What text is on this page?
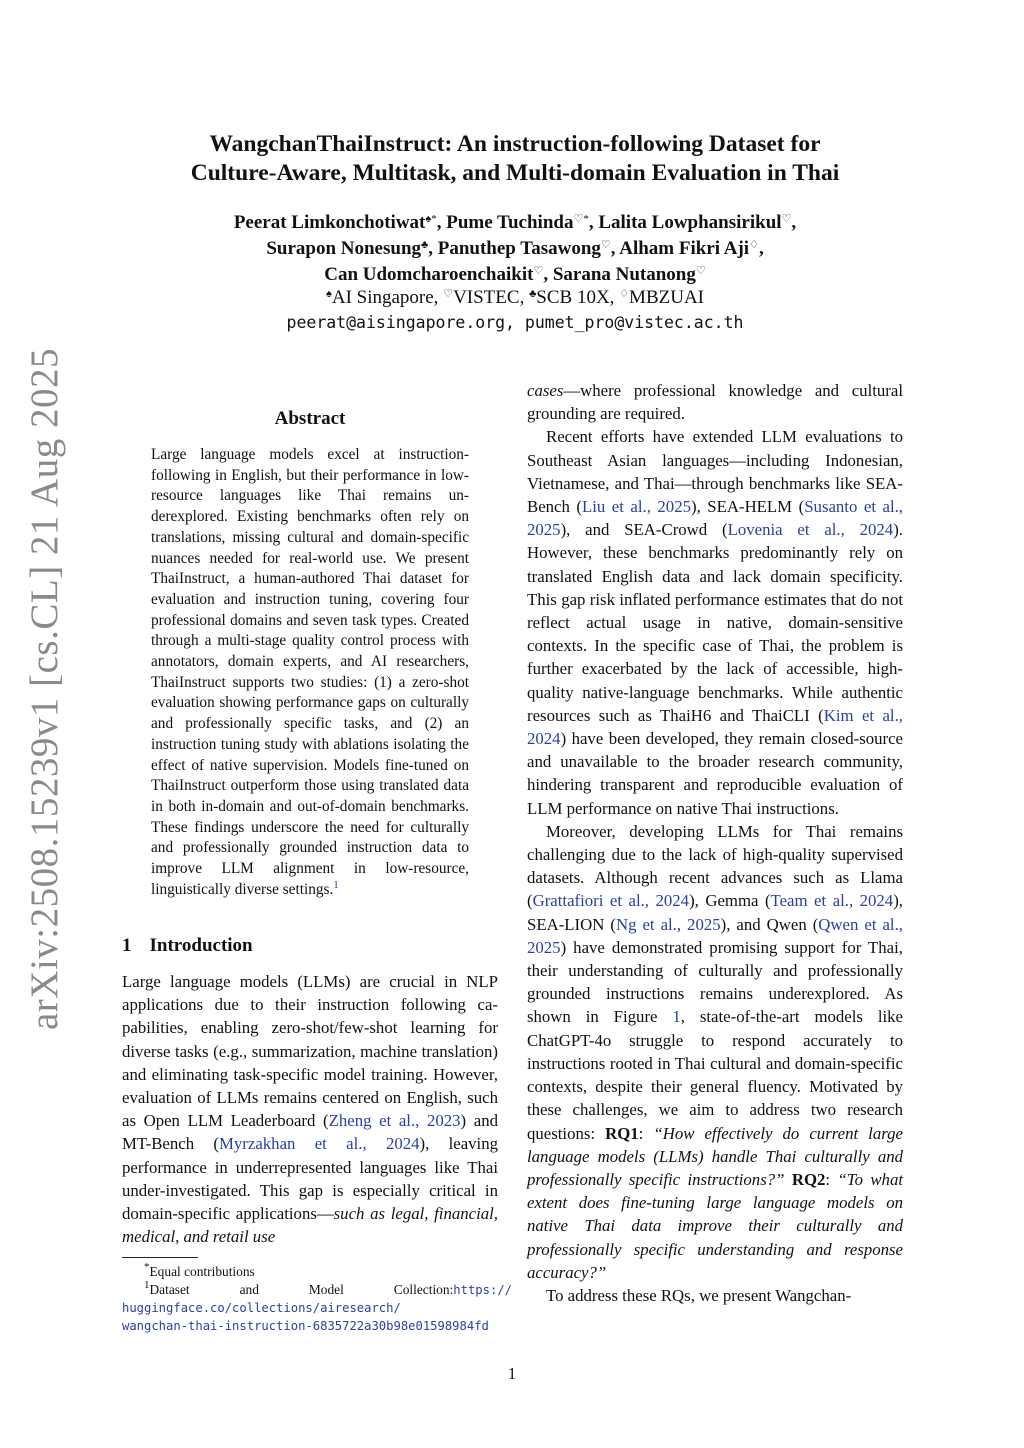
arXiv:2508.15239v1 [cs.CL] 21 Aug 2025
WangchanThaiInstruct: An instruction-following Dataset for
Culture-Aware, Multitask, and Multi-domain Evaluation in Thai
Peerat Limkonchotiwat♠*, Pume Tuchinda♡*, Lalita Lowphansirikul♡,
Surapon Nonesung♣, Panuthep Tasawong♡, Alham Fikri Aji♢,
Can Udomcharoenchaikit♡, Sarana Nutanong♡
♠AI Singapore, ♡VISTEC, ♣SCB 10X, ♢MBZUAI
peerat@aisingapore.org, pumet_pro@vistec.ac.th
Abstract
Large language models excel at instruction-following in English, but their performance in low-resource languages like Thai remains underexplored. Existing benchmarks often rely on translations, missing cultural and domain-specific nuances needed for real-world use. We present ThaiInstruct, a human-authored Thai dataset for evaluation and instruction tuning, covering four professional domains and seven task types. Created through a multi-stage quality control process with annotators, domain experts, and AI researchers, ThaiInstruct supports two studies: (1) a zero-shot evaluation showing performance gaps on culturally and professionally specific tasks, and (2) an instruction tuning study with ablations isolating the effect of native supervision. Models fine-tuned on ThaiInstruct outperform those using translated data in both in-domain and out-of-domain benchmarks. These findings underscore the need for culturally and professionally grounded instruction data to improve LLM alignment in low-resource, linguistically diverse settings.$^1$
1 Introduction

Large language models (LLMs) are crucial in NLP applications due to their instruction following capabilities, enabling zero-shot/few-shot learning for diverse tasks (e.g., summarization, machine translation) and eliminating task-specific model training. However, evaluation of LLMs remains centered on English, such as Open LLM Leaderboard (Zheng et al., 2023) and MT-Bench (Myrzakhan et al., 2024), leaving performance in underrepresented languages like Thai under-investigated. This gap is especially critical in domain-specific applications—such as legal, financial, medical, and retail use

*Equal contributions
$^1$Dataset and Model Collection:https://
huggingface.co/collections/airesearch/
wangchan-thai-instruction-6835722a30b98e01598984fd

cases—where professional knowledge and cultural grounding are required.

Recent efforts have extended LLM evaluations to Southeast Asian languages—including Indonesian, Vietnamese, and Thai—through benchmarks like SEA-Bench (Liu et al., 2025), SEA-HELM (Susanto et al., 2025), and SEA-Crowd (Lovenia et al., 2024). However, these benchmarks predominantly rely on translated English data and lack domain specificity. This gap risk inflated performance estimates that do not reflect actual usage in native, domain-sensitive contexts. In the specific case of Thai, the problem is further exacerbated by the lack of accessible, high-quality native-language benchmarks. While authentic resources such as ThaiH6 and ThaiCLI (Kim et al., 2024) have been developed, they remain closed-source and unavailable to the broader research community, hindering transparent and reproducible evaluation of LLM performance on native Thai instructions.

Moreover, developing LLMs for Thai remains challenging due to the lack of high-quality supervised datasets. Although recent advances such as Llama (Grattafiori et al., 2024), Gemma (Team et al., 2024), SEA-LION (Ng et al., 2025), and Qwen (Qwen et al., 2025) have demonstrated promising support for Thai, their understanding of culturally and professionally grounded instructions remains underexplored. As shown in Figure 1, state-of-the-art models like ChatGPT-4o struggle to respond accurately to instructions rooted in Thai cultural and domain-specific contexts, despite their general fluency. Motivated by these challenges, we aim to address two research questions: RQ1: “How effectively do current large language models (LLMs) handle Thai culturally and professionally specific instructions?” RQ2: “To what extent does fine-tuning large language models on native Thai data improve their culturally and professionally specific understanding and response accuracy?”

To address these RQs, we present Wangchan-

1
